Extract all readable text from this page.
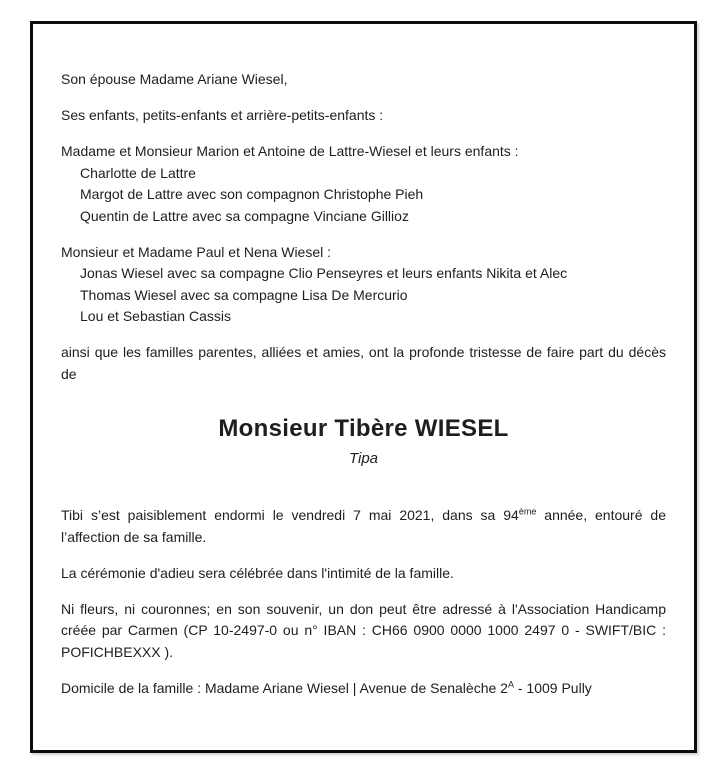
Son épouse Madame Ariane Wiesel,

Ses enfants, petits-enfants et arrière-petits-enfants :

Madame et Monsieur Marion et Antoine de Lattre-Wiesel et leurs enfants :
Charlotte de Lattre
Margot de Lattre avec son compagnon Christophe Pieh
Quentin de Lattre avec sa compagne Vinciane Gillioz
Monsieur et Madame Paul et Nena Wiesel :
Jonas Wiesel avec sa compagne Clio Penseyres et leurs enfants Nikita et Alec
Thomas Wiesel avec sa compagne Lisa De Mercurio
Lou et Sebastian Cassis

ainsi que les familles parentes, alliées et amies, ont la profonde tristesse de faire part du décès de

Monsieur Tibère WIESEL
Tipa

Tibi s’est paisiblement endormi le vendredi 7 mai 2021, dans sa 94ème année, entouré de l’affection de sa famille.

La cérémonie d'adieu sera célébrée dans l'intimité de la famille.

Ni fleurs, ni couronnes; en son souvenir, un don peut être adressé à l'Association Handicamp créée par Carmen (CP 10-2497-0 ou n° IBAN : CH66 0900 0000 1000 2497 0 - SWIFT/BIC : POFICHBEXXX ).

Domicile de la famille : Madame Ariane Wiesel | Avenue de Senalèche $2^A - 1009$ Pully
